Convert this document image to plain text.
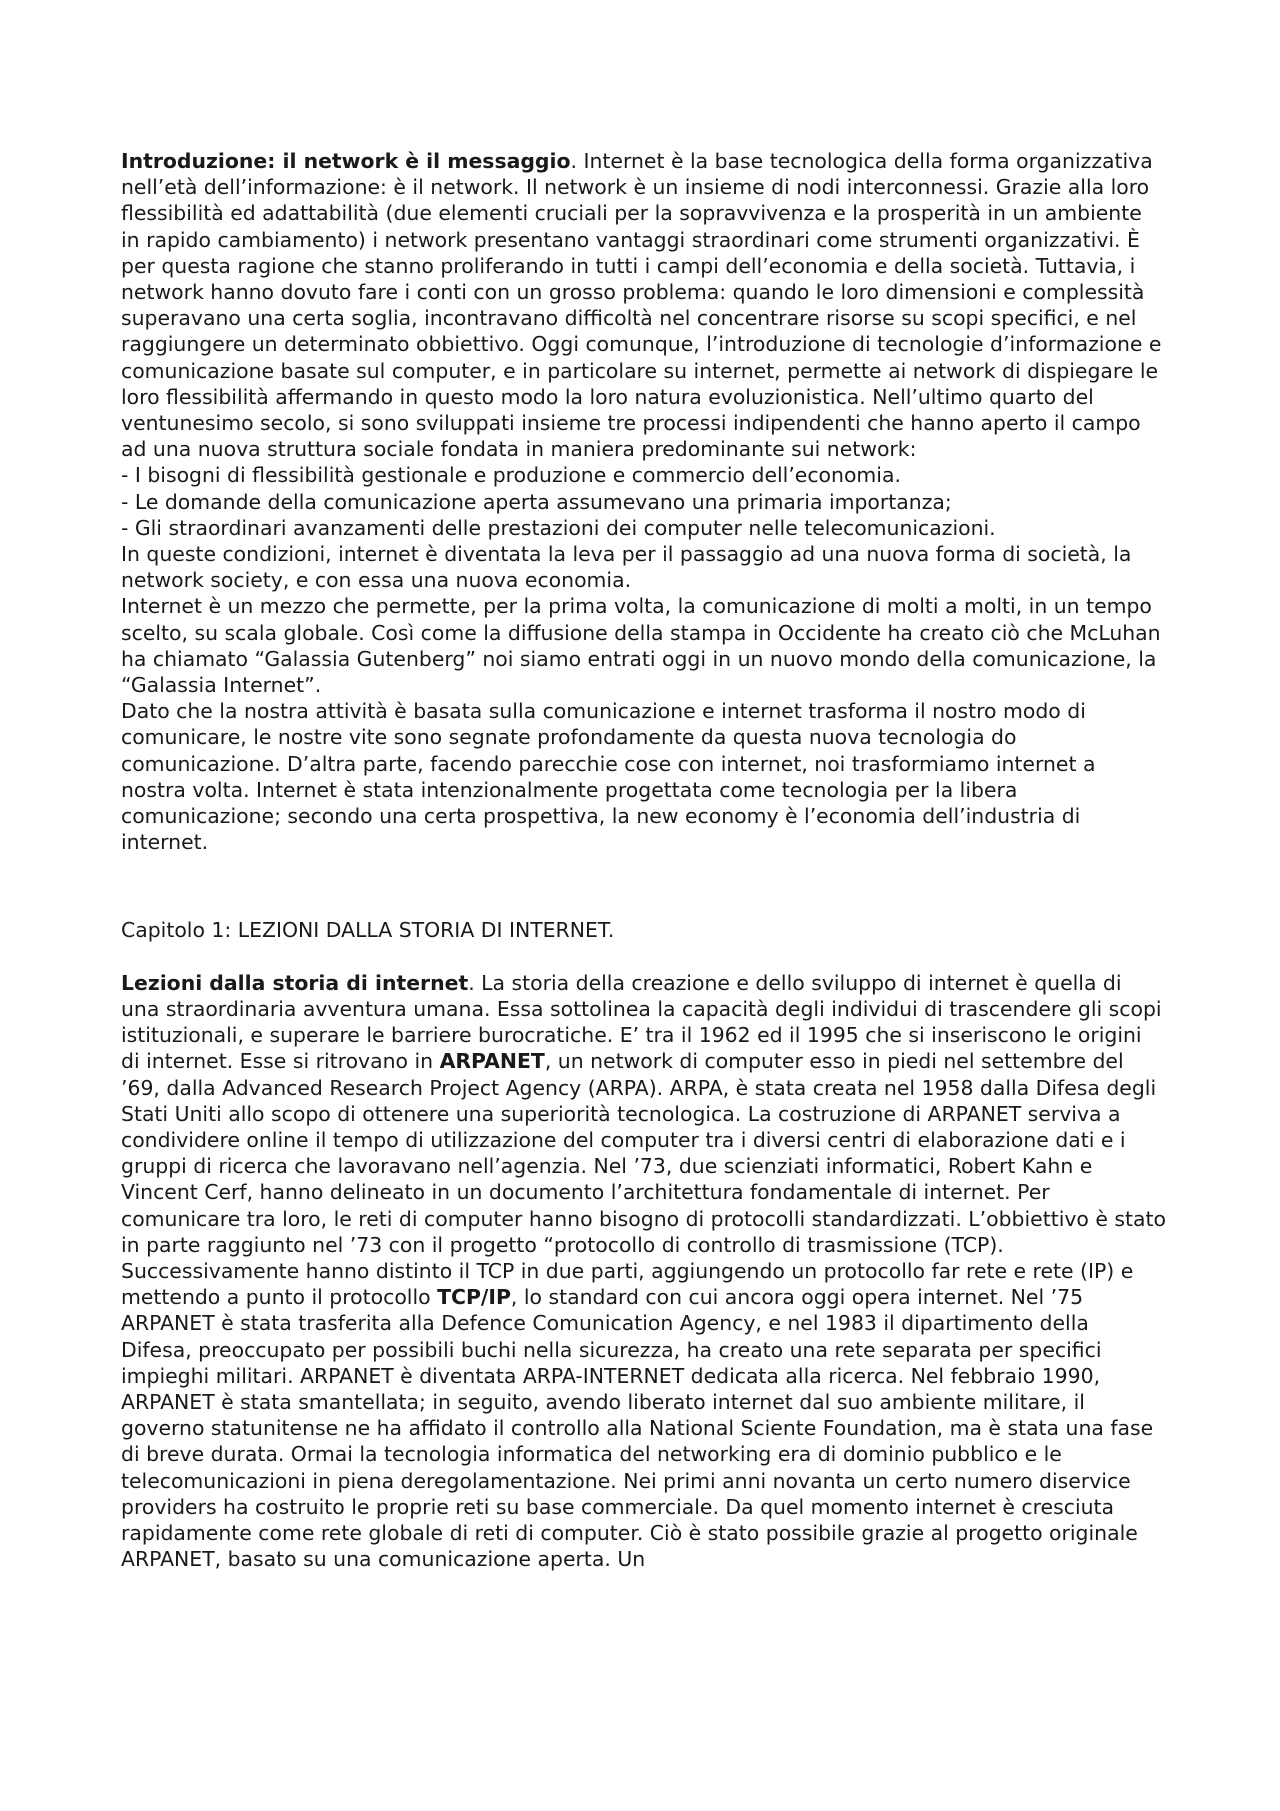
Introduzione: il network è il messaggio. Internet è la base tecnologica della forma organizzativa nell’età dell’informazione: è il network. Il network è un insieme di nodi interconnessi. Grazie alla loro flessibilità ed adattabilità (due elementi cruciali per la sopravvivenza e la prosperità in un ambiente in rapido cambiamento) i network presentano vantaggi straordinari come strumenti organizzativi. È per questa ragione che stanno proliferando in tutti i campi dell’economia e della società. Tuttavia, i network hanno dovuto fare i conti con un grosso problema: quando le loro dimensioni e complessità superavano una certa soglia, incontravano difficoltà nel concentrare risorse su scopi specifici, e nel raggiungere un determinato obbiettivo. Oggi comunque, l’introduzione di tecnologie d’informazione e comunicazione basate sul computer, e in particolare su internet, permette ai network di dispiegare le loro flessibilità affermando in questo modo la loro natura evoluzionistica. Nell’ultimo quarto del ventunesimo secolo, si sono sviluppati insieme tre processi indipendenti che hanno aperto il campo ad una nuova struttura sociale fondata in maniera predominante sui network:

- I bisogni di flessibilità gestionale e produzione e commercio dell’economia.

- Le domande della comunicazione aperta assumevano una primaria importanza;

- Gli straordinari avanzamenti delle prestazioni dei computer nelle telecomunicazioni.

In queste condizioni, internet è diventata la leva per il passaggio ad una nuova forma di società, la network society, e con essa una nuova economia.

Internet è un mezzo che permette, per la prima volta, la comunicazione di molti a molti, in un tempo scelto, su scala globale. Così come la diffusione della stampa in Occidente ha creato ciò che McLuhan ha chiamato “Galassia Gutenberg” noi siamo entrati oggi in un nuovo mondo della comunicazione, la “Galassia Internet”.

Dato che la nostra attività è basata sulla comunicazione e internet trasforma il nostro modo di comunicare, le nostre vite sono segnate profondamente da questa nuova tecnologia do comunicazione. D’altra parte, facendo parecchie cose con internet, noi trasformiamo internet a nostra volta. Internet è stata intenzionalmente progettata come tecnologia per la libera comunicazione; secondo una certa prospettiva, la new economy è l’economia dell’industria di internet.

Capitolo 1: LEZIONI DALLA STORIA DI INTERNET.

Lezioni dalla storia di internet. La storia della creazione e dello sviluppo di internet è quella di una straordinaria avventura umana. Essa sottolinea la capacità degli individui di trascendere gli scopi istituzionali, e superare le barriere burocratiche. E’ tra il 1962 ed il 1995 che si inseriscono le origini di internet. Esse si ritrovano in ARPANET, un network di computer esso in piedi nel settembre del ’69, dalla Advanced Research Project Agency (ARPA). ARPA, è stata creata nel 1958 dalla Difesa degli Stati Uniti allo scopo di ottenere una superiorità tecnologica. La costruzione di ARPANET serviva a condividere online il tempo di utilizzazione del computer tra i diversi centri di elaborazione dati e i gruppi di ricerca che lavoravano nell’agenzia. Nel ’73, due scienziati informatici, Robert Kahn e Vincent Cerf, hanno delineato in un documento l’architettura fondamentale di internet. Per comunicare tra loro, le reti di computer hanno bisogno di protocolli standardizzati. L’obbiettivo è stato in parte raggiunto nel ’73 con il progetto “protocollo di controllo di trasmissione (TCP). Successivamente hanno distinto il TCP in due parti, aggiungendo un protocollo far rete e rete (IP) e mettendo a punto il protocollo TCP/IP, lo standard con cui ancora oggi opera internet. Nel ’75 ARPANET è stata trasferita alla Defence Comunication Agency, e nel 1983 il dipartimento della Difesa, preoccupato per possibili buchi nella sicurezza, ha creato una rete separata per specifici impieghi militari. ARPANET è diventata ARPA-INTERNET dedicata alla ricerca. Nel febbraio 1990, ARPANET è stata smantellata; in seguito, avendo liberato internet dal suo ambiente militare, il governo statunitense ne ha affidato il controllo alla National Sciente Foundation, ma è stata una fase di breve durata. Ormai la tecnologia informatica del networking era di dominio pubblico e le telecomunicazioni in piena deregolamentazione. Nei primi anni novanta un certo numero diservice providers ha costruito le proprie reti su base commerciale. Da quel momento internet è cresciuta rapidamente come rete globale di reti di computer. Ciò è stato possibile grazie al progetto originale ARPANET, basato su una comunicazione aperta. Un
